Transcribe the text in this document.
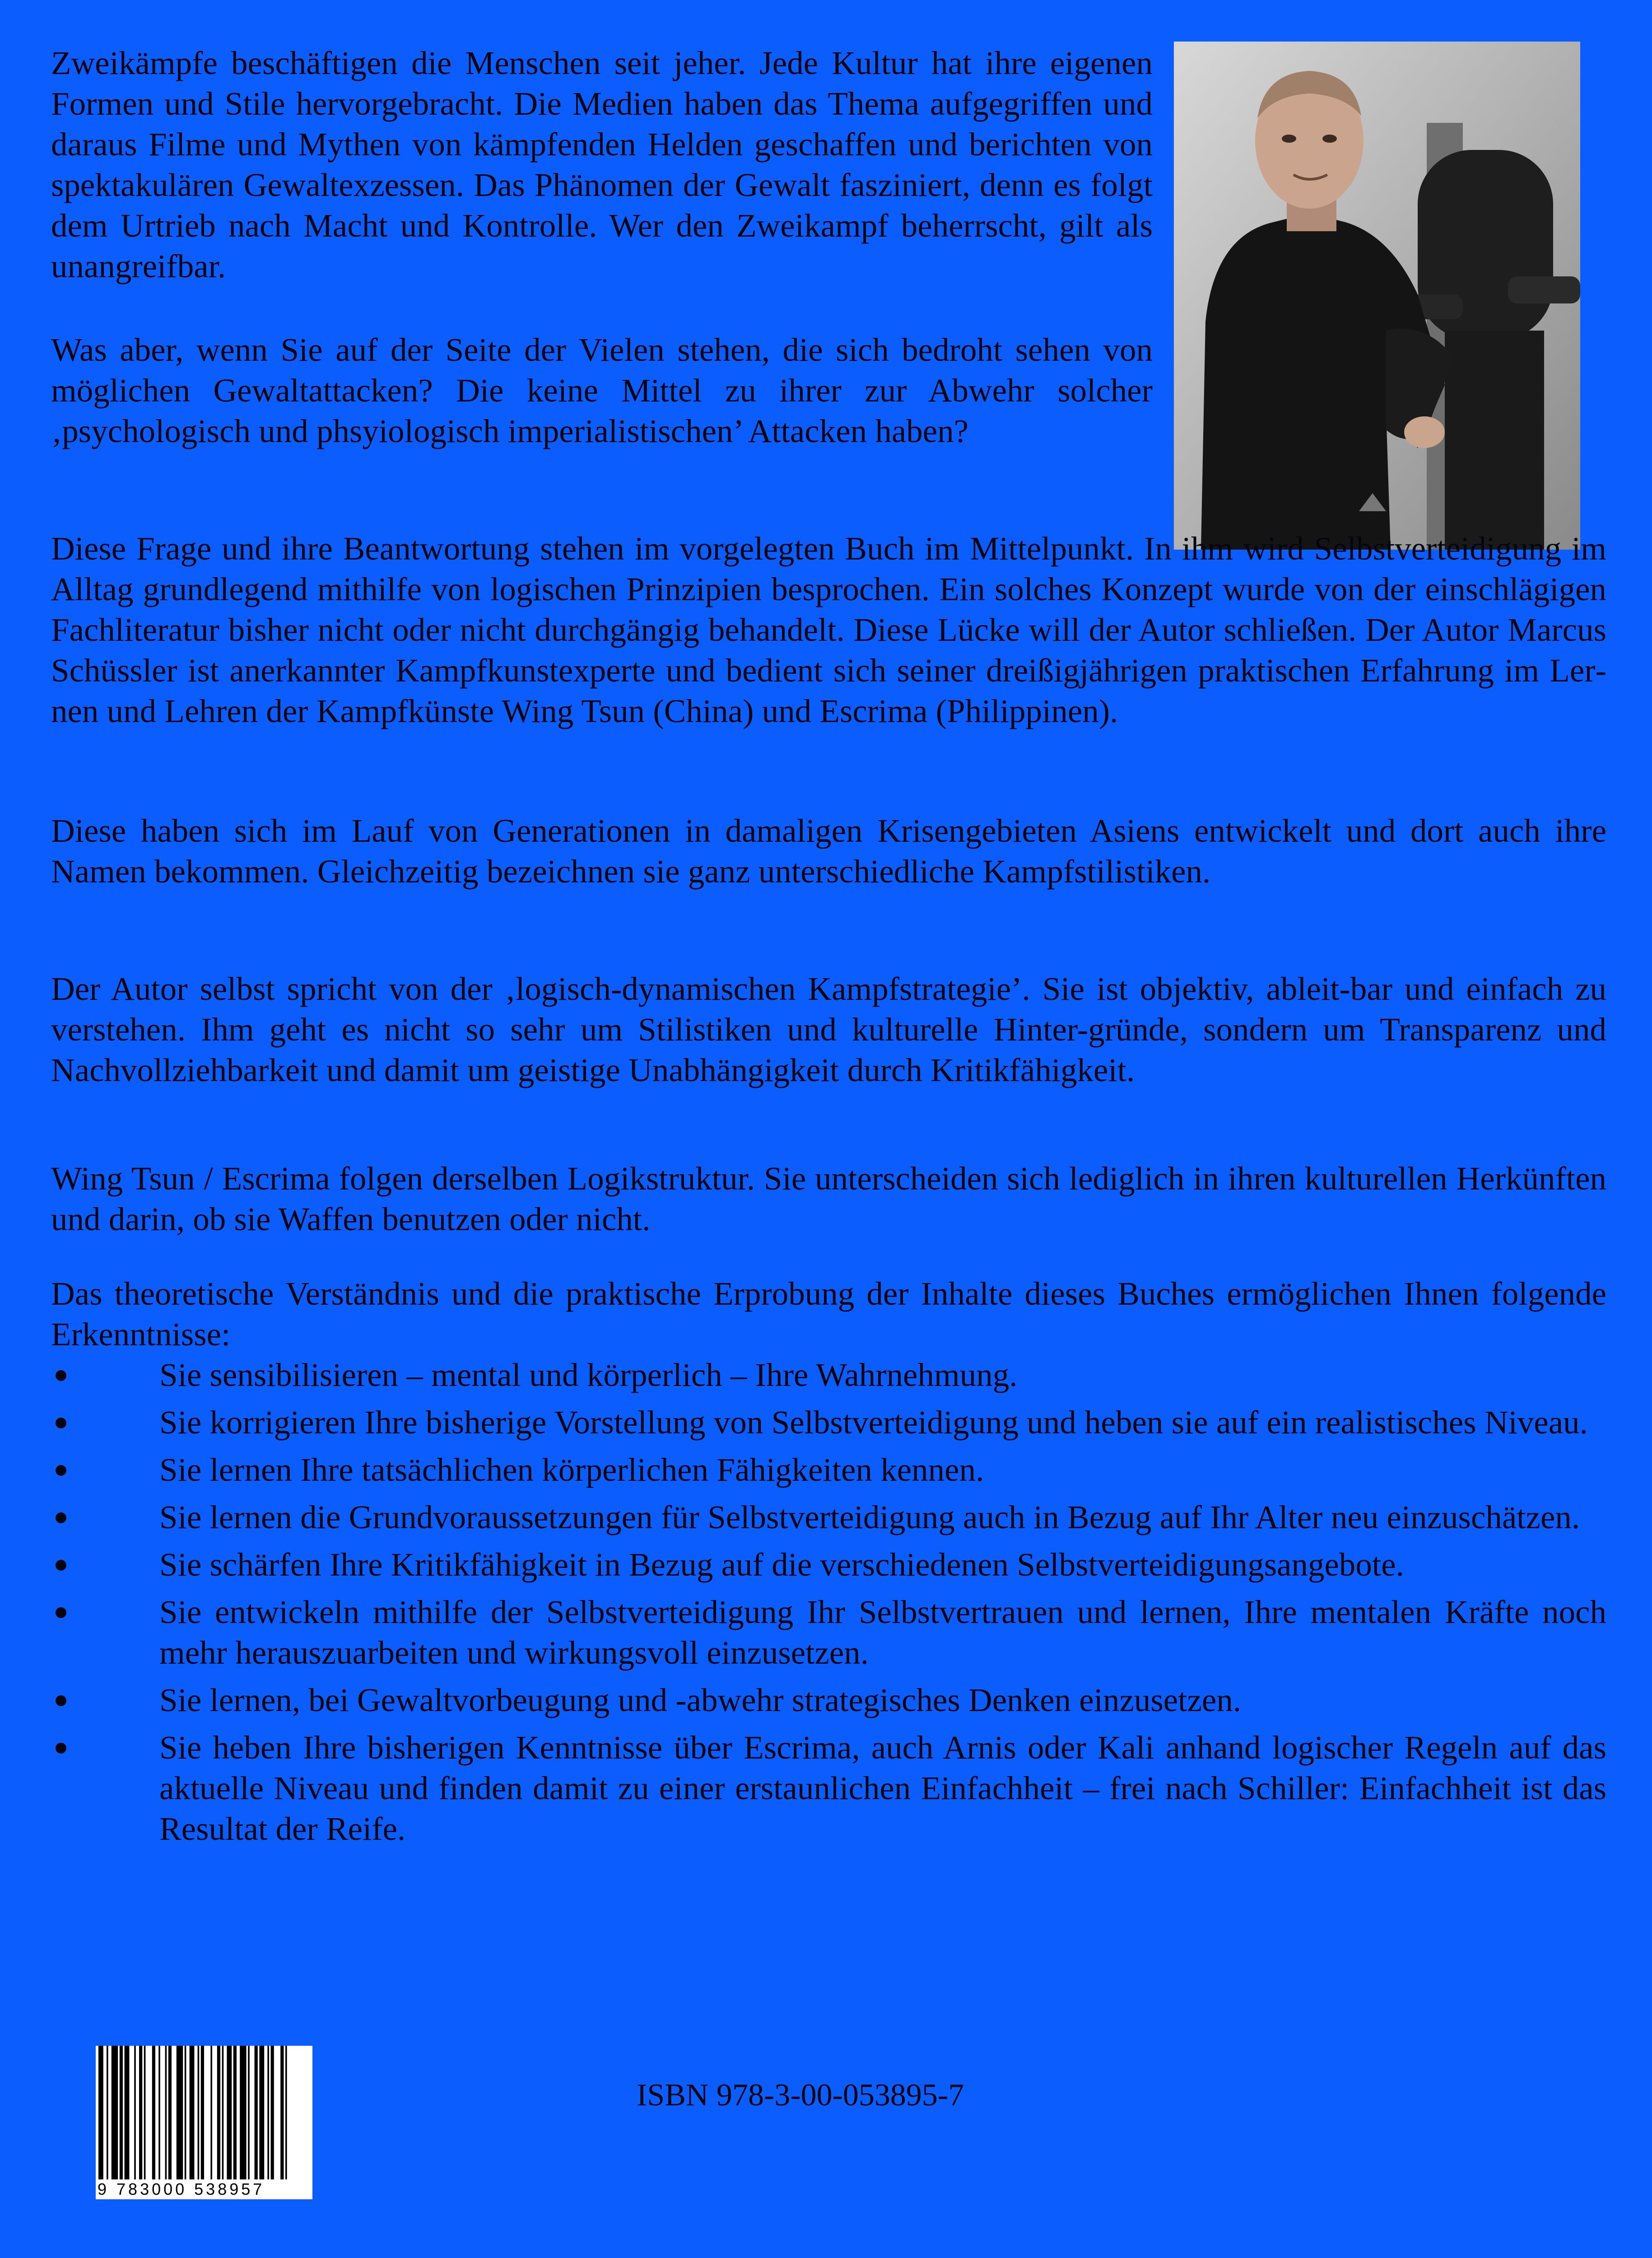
Zweikämpfe beschäftigen die Menschen seit jeher. Jede Kultur hat ihre eigenen Formen und Stile hervorgebracht. Die Medien haben das Thema aufgegriffen und daraus Filme und Mythen von kämpfenden Helden geschaffen und berichten von spektakulären Gewaltexzessen. Das Phänomen der Gewalt fasziniert, denn es folgt dem Urtrieb nach Macht und Kontrolle. Wer den Zweikampf beherrscht, gilt als unangreifbar.

Was aber, wenn Sie auf der Seite der Vielen stehen, die sich bedroht sehen von möglichen Gewaltattacken? Die keine Mittel zu ihrer zur Abwehr solcher ‚psychologisch und phsyiologisch imperialistischen’ Attacken haben?

Diese Frage und ihre Beantwortung stehen im vorgelegten Buch im Mittelpunkt. In ihm wird Selbstverteidigung im Alltag grundlegend mithilfe von logischen Prinzipien besprochen. Ein solches Konzept wurde von der einschlägigen Fachliteratur bisher nicht oder nicht durchgängig behandelt. Diese Lücke will der Autor schließen. Der Autor Marcus Schüssler ist anerkannter Kampfkunstexperte und bedient sich seiner dreißigjährigen praktischen Erfahrung im Lernen und Lehren der Kampfkünste Wing Tsun (China) und Escrima (Philippinen).

Diese haben sich im Lauf von Generationen in damaligen Krisengebieten Asiens entwickelt und dort auch ihre Namen bekommen. Gleichzeitig bezeichnen sie ganz unterschiedliche Kampfstilistiken.

Der Autor selbst spricht von der ‚logisch-dynamischen Kampfstrategie’. Sie ist objektiv, ableit-bar und einfach zu verstehen. Ihm geht es nicht so sehr um Stilistiken und kulturelle Hinter-gründe, sondern um Transparenz und Nachvollziehbarkeit und damit um geistige Unabhängigkeit durch Kritikfähigkeit.

Wing Tsun / Escrima folgen derselben Logikstruktur. Sie unterscheiden sich lediglich in ihren kulturellen Herkünften und darin, ob sie Waffen benutzen oder nicht.

Das theoretische Verständnis und die praktische Erprobung der Inhalte dieses Buches ermöglichen Ihnen folgende Erkenntnisse:

Sie sensibilisieren – mental und körperlich – Ihre Wahrnehmung.
Sie korrigieren Ihre bisherige Vorstellung von Selbstverteidigung und heben sie auf ein realistisches Niveau.
Sie lernen Ihre tatsächlichen körperlichen Fähigkeiten kennen.
Sie lernen die Grundvoraussetzungen für Selbstverteidigung auch in Bezug auf Ihr Alter neu einzuschätzen.
Sie schärfen Ihre Kritikfähigkeit in Bezug auf die verschiedenen Selbstverteidigungsangebote.
Sie entwickeln mithilfe der Selbstverteidigung Ihr Selbstvertrauen und lernen, Ihre mentalen Kräfte noch mehr herauszuarbeiten und wirkungsvoll einzusetzen.
Sie lernen, bei Gewaltvorbeugung und -abwehr strategisches Denken einzusetzen.
Sie heben Ihre bisherigen Kenntnisse über Escrima, auch Arnis oder Kali anhand logischer Regeln auf das aktuelle Niveau und finden damit zu einer erstaunlichen Einfachheit – frei nach Schiller: Einfachheit ist das Resultat der Reife.
9 783000 538957

ISBN 978-3-00-053895-7
